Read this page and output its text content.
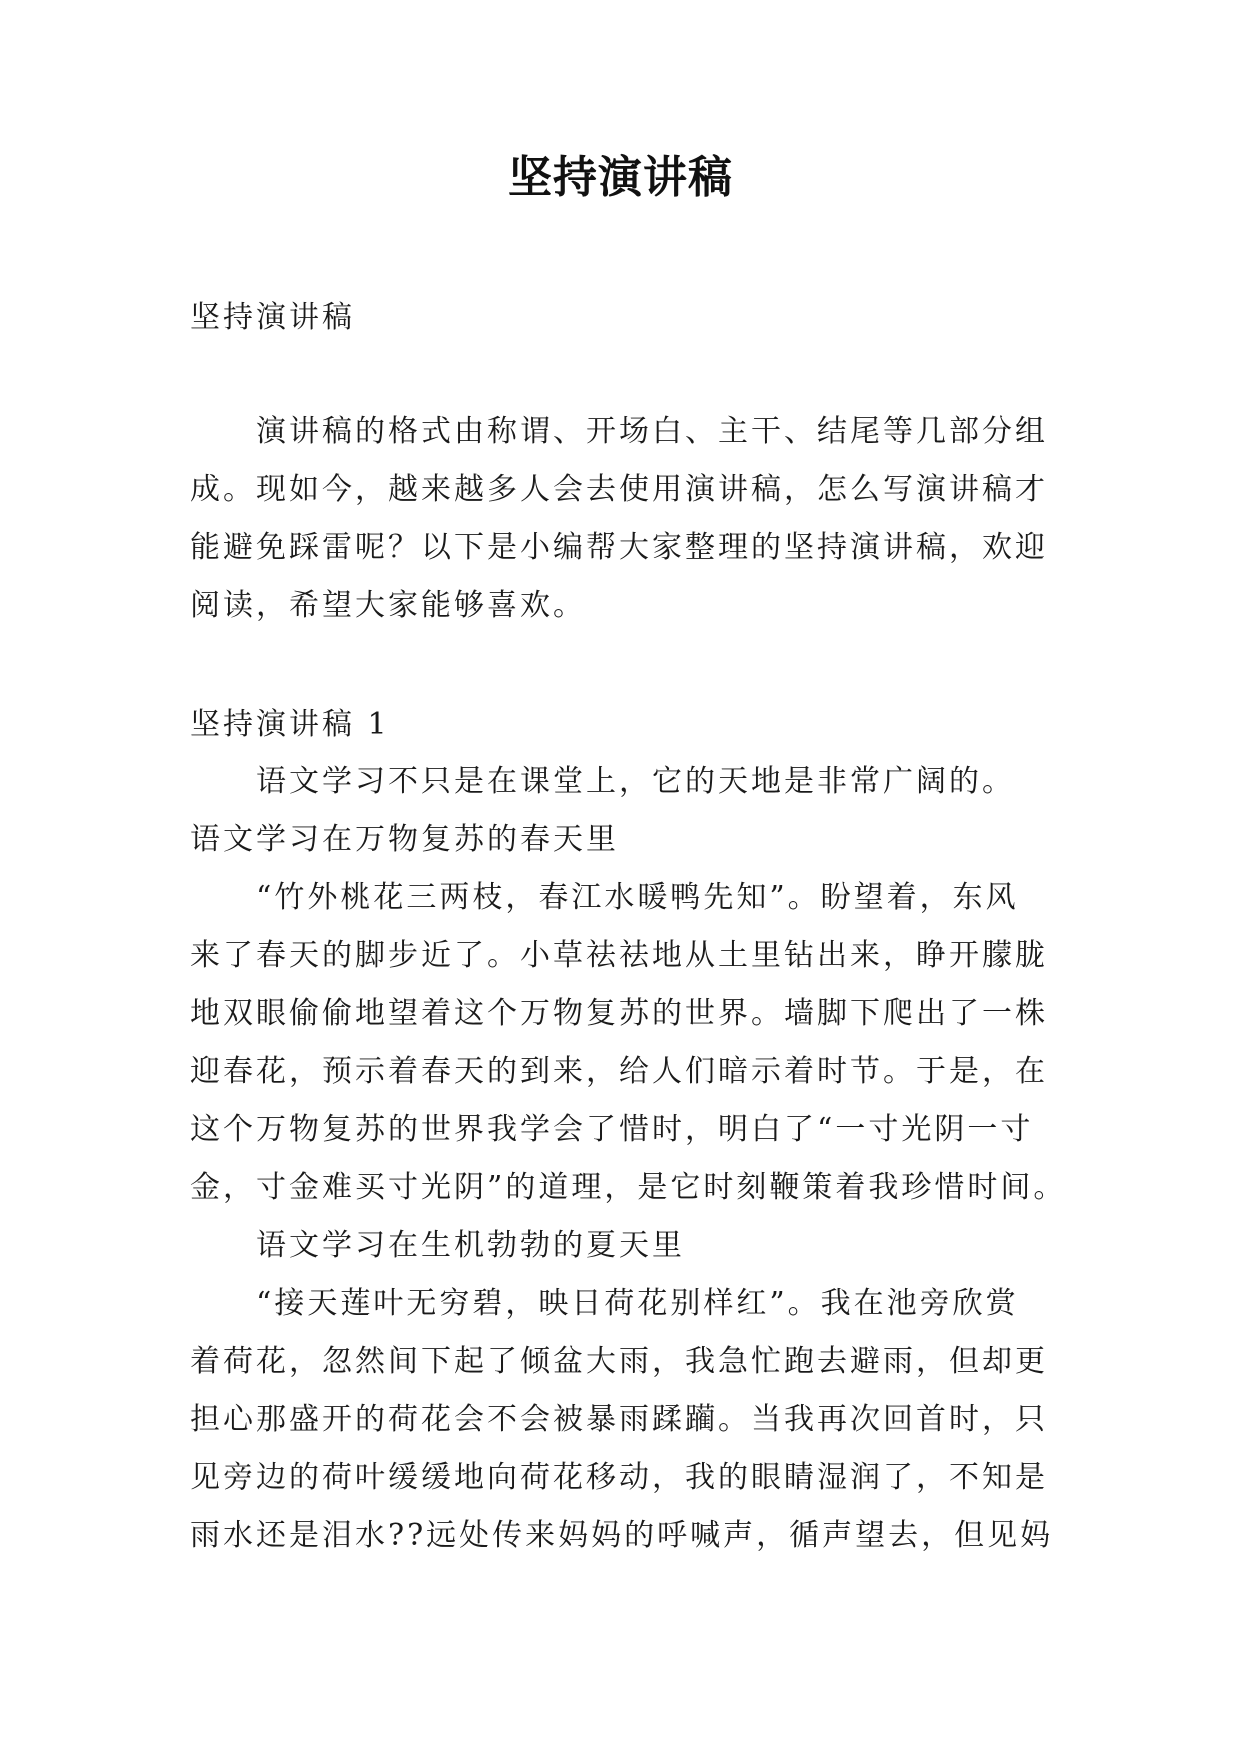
坚持演讲稿
坚持演讲稿
演讲稿的格式由称谓、开场白、主干、结尾等几部分组
成。现如今，越来越多人会去使用演讲稿，怎么写演讲稿才
能避免踩雷呢？以下是小编帮大家整理的坚持演讲稿，欢迎
阅读，希望大家能够喜欢。
坚持演讲稿 1
语文学习不只是在课堂上，它的天地是非常广阔的。
语文学习在万物复苏的春天里
“竹外桃花三两枝，春江水暖鸭先知”。盼望着，东风
来了春天的脚步近了。小草祛祛地从土里钻出来，睁开朦胧
地双眼偷偷地望着这个万物复苏的世界。墙脚下爬出了一株
迎春花，预示着春天的到来，给人们暗示着时节。于是，在
这个万物复苏的世界我学会了惜时，明白了“一寸光阴一寸
金，寸金难买寸光阴”的道理，是它时刻鞭策着我珍惜时间。
语文学习在生机勃勃的夏天里
“接天莲叶无穷碧，映日荷花别样红”。我在池旁欣赏
着荷花，忽然间下起了倾盆大雨，我急忙跑去避雨，但却更
担心那盛开的荷花会不会被暴雨蹂躏。当我再次回首时，只
见旁边的荷叶缓缓地向荷花移动，我的眼睛湿润了，不知是
雨水还是泪水??远处传来妈妈的呼喊声，循声望去，但见妈
